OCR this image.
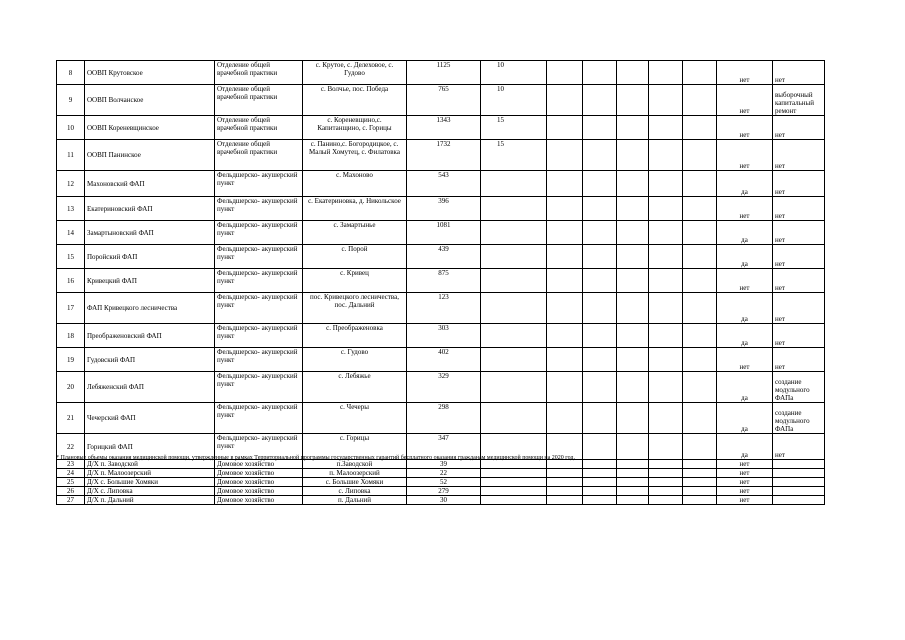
8	ООВП Крутовское	Отделение общей врачебной практики	с. Крутое, с. Делеховое, с. Гудово	1125	10						нет	нет
9	ООВП Волчанское	Отделение общей врачебной практики	с. Волчье, пос. Победа	765	10						нет	выборочный капитальный ремонт
10	ООВП Кореневщинское	Отделение общей врачебной практики	с. Кореневщино,с. Капитанщино, с. Горицы	1343	15						нет	нет
11	ООВП Панинское	Отделение общей врачебной практики	с. Панино,с. Богородицкое, с. Малый Хомутец, с. Филатовка	1732	15						нет	нет
12	Махоновский ФАП	Фельдшерско- акушерский пункт	с. Махоново	543							да	нет
13	Екатериновский ФАП	Фельдшерско- акушерский пункт	с. Екатериновка, д. Никольское	396							нет	нет
14	Замартыновский ФАП	Фельдшерско- акушерский пункт	с. Замартынье	1081							да	нет
15	Поройский ФАП	Фельдшерско- акушерский пункт	с. Порой	439							да	нет
16	Кривецкий ФАП	Фельдшерско- акушерский пункт	с. Кривец	875							нет	нет
17	ФАП Кривецкого лесничества	Фельдшерско- акушерский пункт	пос. Кривецкого лесничества, пос. Дальний	123							да	нет
18	Преображеновский ФАП	Фельдшерско- акушерский пункт	с. Преображеновка	303							да	нет
19	Гудовский ФАП	Фельдшерско- акушерский пункт	с. Гудово	402							нет	нет
20	Лебяженский ФАП	Фельдшерско- акушерский пункт	с. Лебяжье	329							да	создание модульного ФАПа
21	Чечерский ФАП	Фельдшерско- акушерский пункт	с. Чечеры	298							да	создание модульного ФАПа
22	Горицкий ФАП	Фельдшерско- акушерский пункт	с. Горицы	347							да	нет
23	Д/Х п. Заводской	Домовое хозяйство	п.Заводской	39							нет	
24	Д/Х п. Малоозерский	Домовое хозяйство	п. Малоозерский	22							нет	
25	Д/Х с. Большие Хомяки	Домовое хозяйство	с. Большие Хомяки	52							нет	
26	Д/Х с. Липовка	Домовое хозяйство	с. Липовка	279							нет	
27	Д/Х п. Дальний	Домовое хозяйство	п. Дальний	30							нет	
* Плановые объемы оказания медицинской помощи, утвержденные в рамках Территориальной программы государственных гарантий бесплатного оказания гражданам медицинской помощи на 2020 год.
